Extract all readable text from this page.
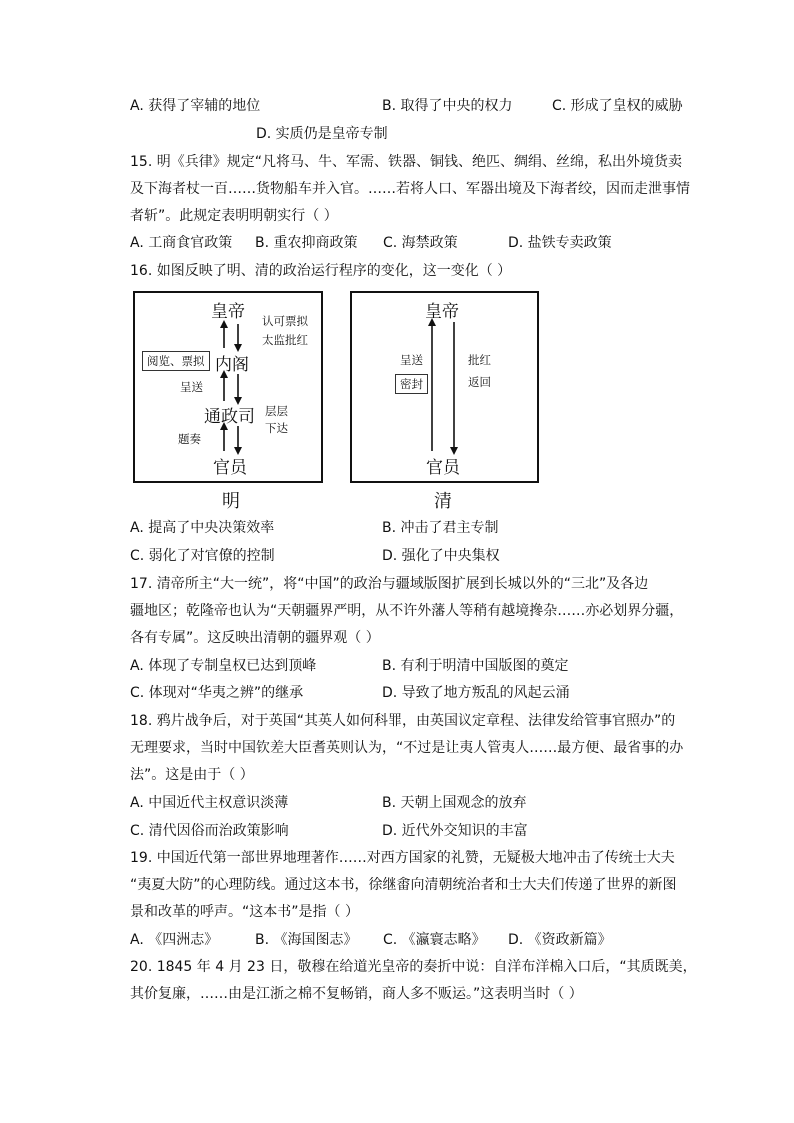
A. 获得了宰辅的地位	B. 取得了中央的权力	C. 形成了皇权的威胁
D. 实质仍是皇帝专制
15. 明《兵律》规定“凡将马、牛、军需、铁器、铜钱、绝匹、绸绢、丝绵，私出外境货卖
及下海者杖一百……货物船车并入官。……若将人口、军器出境及下海者绞，因而走泄事情
者斩”。此规定表明明朝实行（ ）
A. 工商食官政策 B. 重农抑商政策 C. 海禁政策	D. 盐铁专卖政策
16. 如图反映了明、清的政治运行程序的变化，这一变化（ ）
皇帝 认可票拟
太监批红
阅览、票拟 内阁
呈送
通政司 层层
下达
题奏
官员
明
皇帝
呈送
密封
批红
返回
官员
清
A. 提高了中央决策效率	B. 冲击了君主专制
C. 弱化了对官僚的控制	D. 强化了中央集权
17. 清帝所主“大一统”，将“中国”的政治与疆域版图扩展到长城以外的“三北”及各边
疆地区；乾隆帝也认为“天朝疆界严明，从不许外藩人等稍有越境搀杂……亦必划界分疆，
各有专属”。这反映出清朝的疆界观（ ）
A. 体现了专制皇权已达到顶峰	B. 有利于明清中国版图的奠定
C. 体现对“华夷之辨”的继承	D. 导致了地方叛乱的风起云涌
18. 鸦片战争后，对于英国“其英人如何科罪，由英国议定章程、法律发给管事官照办”的
无理要求，当时中国钦差大臣耆英则认为，“不过是让夷人管夷人……最方便、最省事的办
法”。这是由于（ ）
A. 中国近代主权意识淡薄	B. 天朝上国观念的放弃
C. 清代因俗而治政策影响	D. 近代外交知识的丰富
19. 中国近代第一部世界地理著作……对西方国家的礼赞，无疑极大地冲击了传统士大夫
“夷夏大防”的心理防线。通过这本书，徐继畬向清朝统治者和士大夫们传递了世界的新图
景和改革的呼声。“这本书”是指（ ）
A. 《四洲志》	B. 《海国图志》 C. 《瀛寰志略》 D. 《资政新篇》
20. 1845 年 4 月 23 日，敬穆在给道光皇帝的奏折中说：自洋布洋棉入口后，“其质既美，
其价复廉，……由是江浙之棉不复畅销，商人多不贩运。”这表明当时（ ）
